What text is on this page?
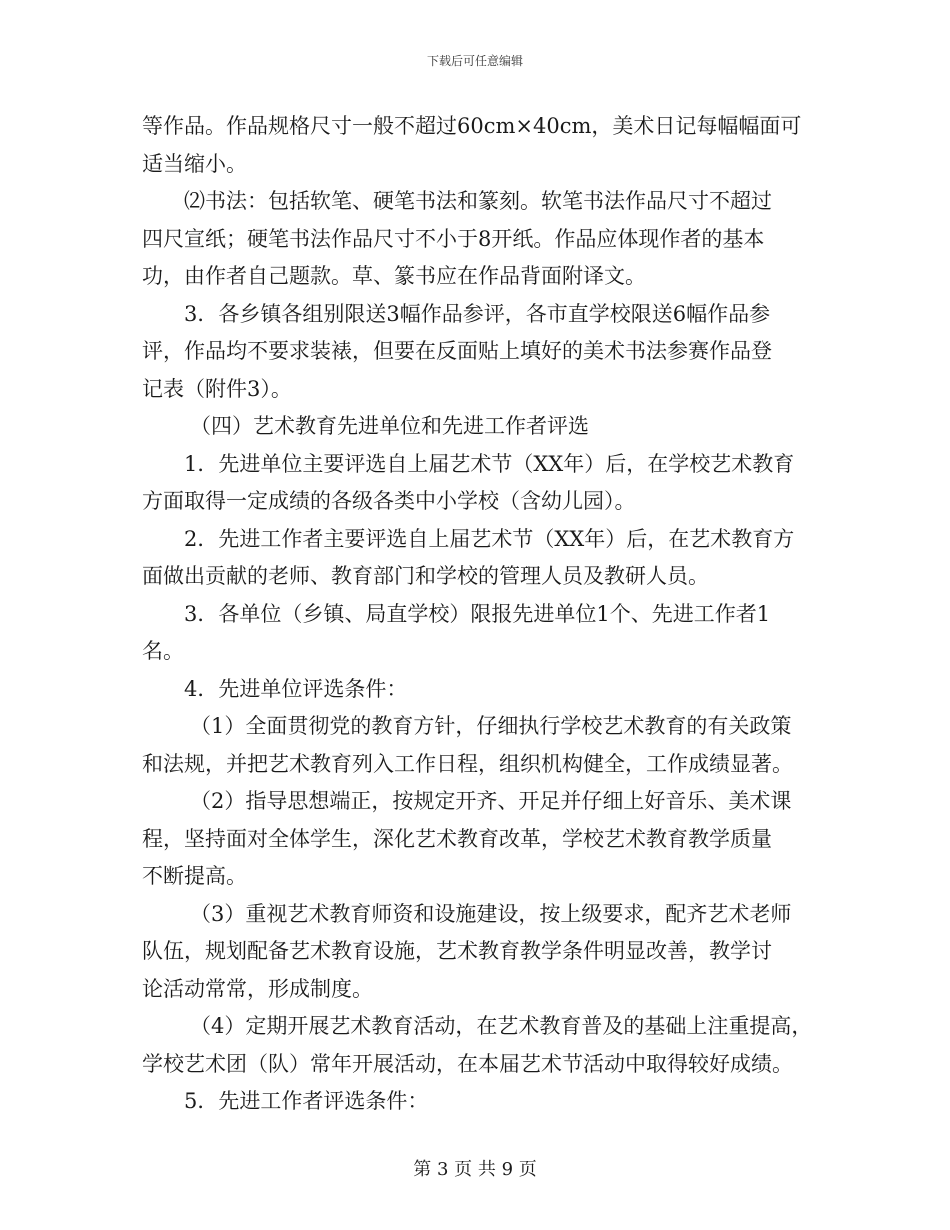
下载后可任意编辑
等作品。作品规格尺寸一般不超过60cm×40cm，美术日记每幅幅面可
适当缩小。
⑵书法：包括软笔、硬笔书法和篆刻。软笔书法作品尺寸不超过
四尺宣纸；硬笔书法作品尺寸不小于8开纸。作品应体现作者的基本
功，由作者自己题款。草、篆书应在作品背面附译文。
3．各乡镇各组别限送3幅作品参评，各市直学校限送6幅作品参
评，作品均不要求装裱，但要在反面贴上填好的美术书法参赛作品登
记表（附件3）。
（四）艺术教育先进单位和先进工作者评选
1．先进单位主要评选自上届艺术节（XX年）后，在学校艺术教育
方面取得一定成绩的各级各类中小学校（含幼儿园）。
2．先进工作者主要评选自上届艺术节（XX年）后，在艺术教育方
面做出贡献的老师、教育部门和学校的管理人员及教研人员。
3．各单位（乡镇、局直学校）限报先进单位1个、先进工作者1
名。
4．先进单位评选条件：
（1）全面贯彻党的教育方针，仔细执行学校艺术教育的有关政策
和法规，并把艺术教育列入工作日程，组织机构健全，工作成绩显著。
（2）指导思想端正，按规定开齐、开足并仔细上好音乐、美术课
程，坚持面对全体学生，深化艺术教育改革，学校艺术教育教学质量
不断提高。
（3）重视艺术教育师资和设施建设，按上级要求，配齐艺术老师
队伍，规划配备艺术教育设施，艺术教育教学条件明显改善，教学讨
论活动常常，形成制度。
（4）定期开展艺术教育活动，在艺术教育普及的基础上注重提高，
学校艺术团（队）常年开展活动，在本届艺术节活动中取得较好成绩。
5．先进工作者评选条件：
第 3 页 共 9 页
